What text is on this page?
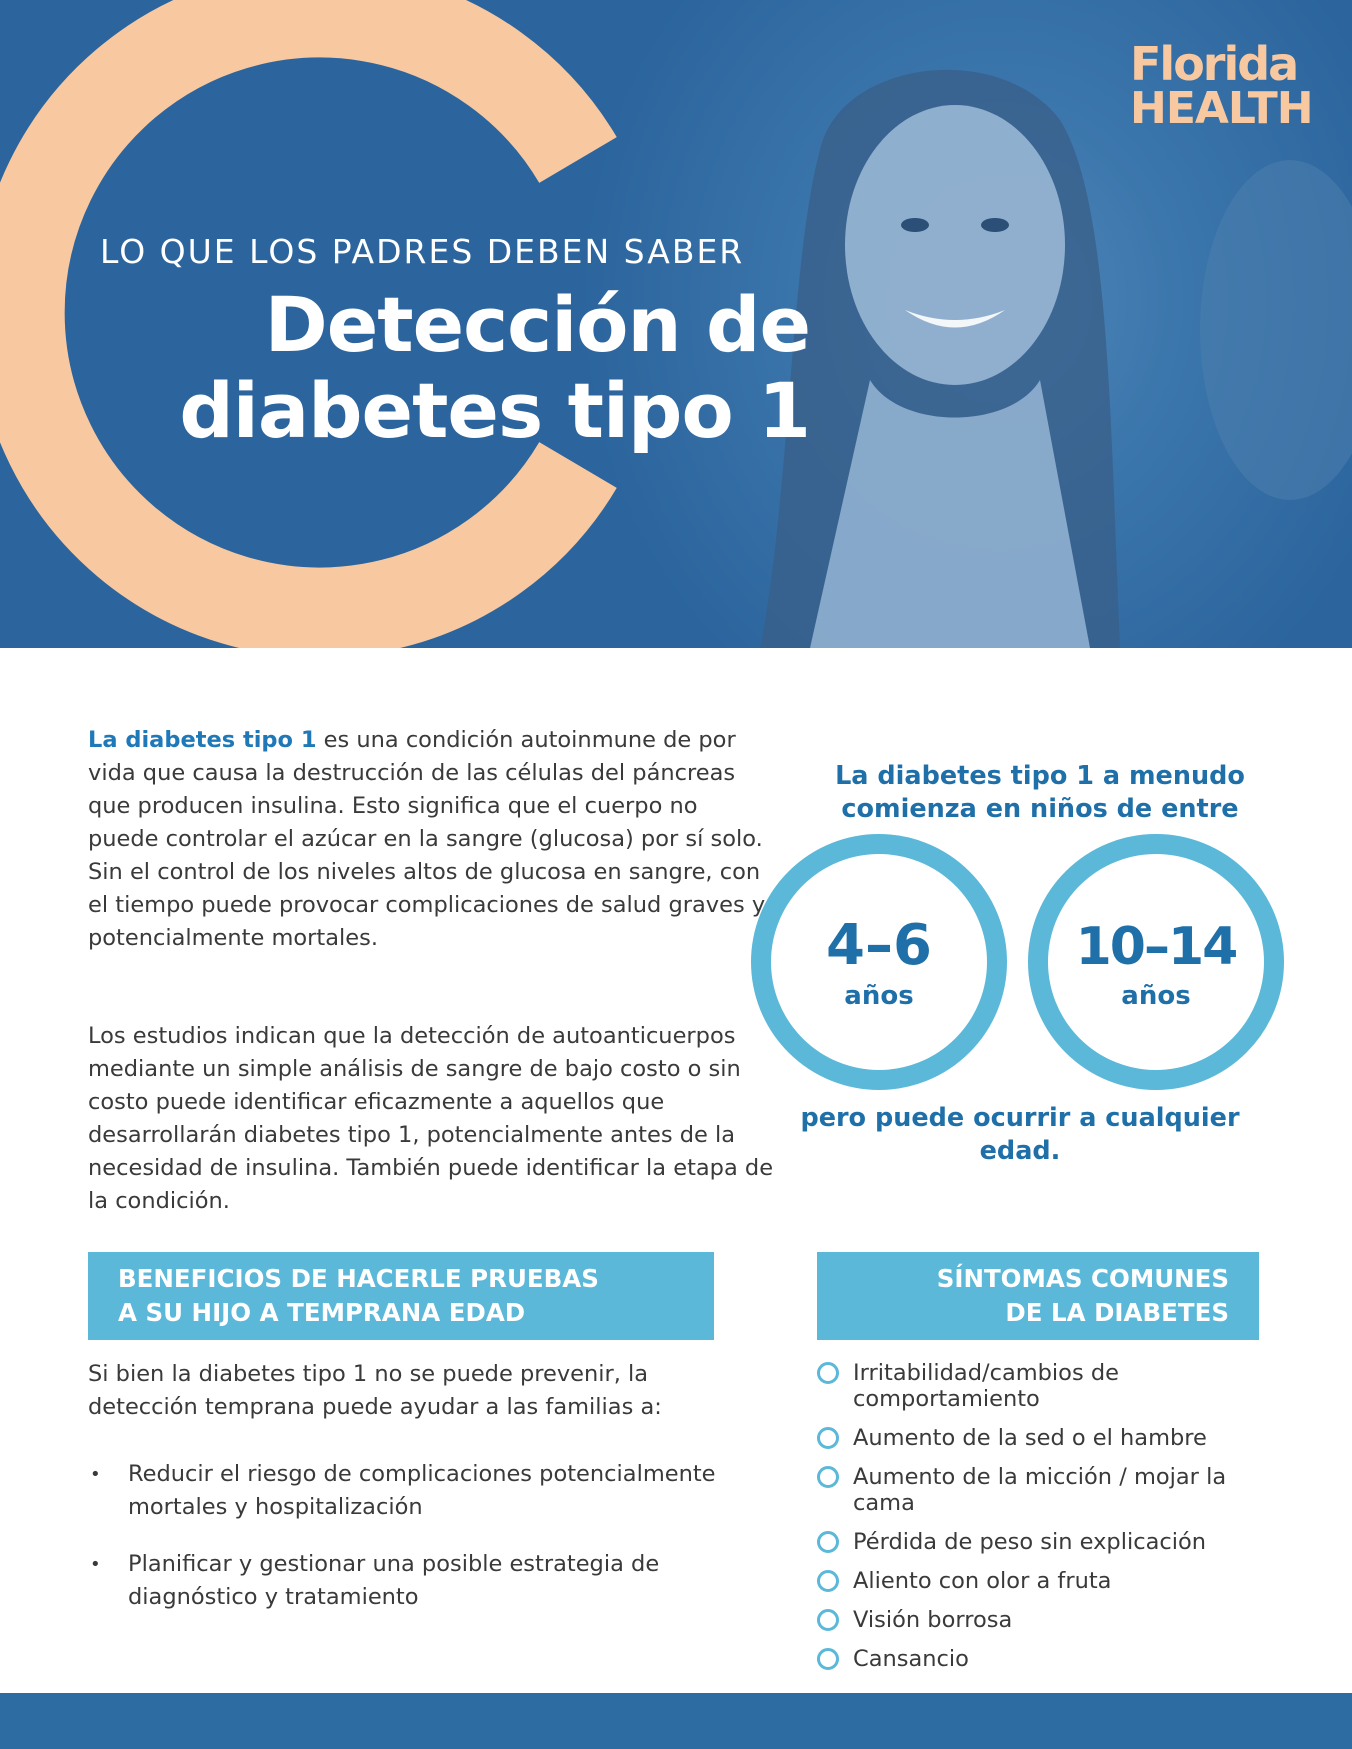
Florida
HEALTH
LO QUE LOS PADRES DEBEN SABER
Detección de
diabetes tipo 1

La diabetes tipo 1 es una condición autoinmune de por vida que causa la destrucción de las células del páncreas que producen insulina. Esto significa que el cuerpo no puede controlar el azúcar en la sangre (glucosa) por sí solo. Sin el control de los niveles altos de glucosa en sangre, con el tiempo puede provocar complicaciones de salud graves y potencialmente mortales.

Los estudios indican que la detección de autoanticuerpos mediante un simple análisis de sangre de bajo costo o sin costo puede identificar eficazmente a aquellos que desarrollarán diabetes tipo 1, potencialmente antes de la necesidad de insulina. También puede identificar la etapa de la condición.

La diabetes tipo 1 a menudo comienza en niños de entre
4–6
años
10–14
años
pero puede ocurrir a cualquier edad.
BENEFICIOS DE HACERLE PRUEBAS
A SU HIJO A TEMPRANA EDAD

Si bien la diabetes tipo 1 no se puede prevenir, la detección temprana puede ayudar a las familias a:

• Reducir el riesgo de complicaciones potencialmente mortales y hospitalización
• Planificar y gestionar una posible estrategia de diagnóstico y tratamiento
SÍNTOMAS COMUNES
DE LA DIABETES
Irritabilidad/cambios de comportamiento
Aumento de la sed o el hambre
Aumento de la micción / mojar la cama
Pérdida de peso sin explicación
Aliento con olor a fruta
Visión borrosa
Cansancio
